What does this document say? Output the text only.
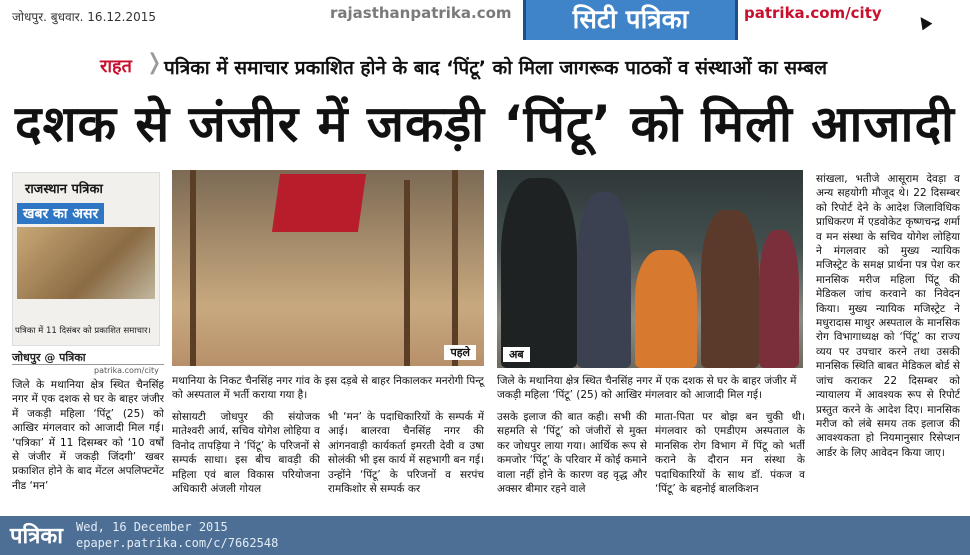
जोधपुर. बुधवार. 16.12.2015	rajasthanpatrika.com	सिटी पत्रिका	patrika.com/city
राहत ❭ पत्रिका में समाचार प्रकाशित होने के बाद ‘पिंटू’ को मिला जागरूक पाठकों व संस्थाओं का सम्बल
दशक से जंजीर में जकड़ी ‘पिंटू’ को मिली आजादी
राजस्थान पत्रिका
खबर का असर
पत्रिका में 11 दिसंबर को प्रकाशित समाचार।
जोधपुर @ पत्रिका
patrika.com/city
पहले	अब
मथानिया के निकट चैनसिंह नगर गांव के इस दड़बे से बाहर निकालकर मनरोगी पिन्टू को अस्पताल में भर्ती कराया गया है।
जिले के मथानिया क्षेत्र स्थित चैनसिंह नगर में एक दशक से घर के बाहर जंजीर में जकड़ी महिला ‘पिंटू’ (25) को आखिर मंगलवार को आजादी मिल गई।
जिले के मथानिया क्षेत्र स्थित चैनसिंह नगर में एक दशक से घर के बाहर जंजीर में जकड़ी महिला ‘पिंटू’ (25) को आखिर मंगलवार को आजादी मिल गई। ‘पत्रिका’ में 11 दिसम्बर को ‘10 वर्षों से जंजीर में जकड़ी जिंदगी’ खबर प्रकाशित होने के बाद मेंटल अपलिफ्टमेंट नीड ‘मन’
सोसायटी जोधपुर की संयोजक मातेश्वरी आर्य, सचिव योगेश लोहिया व विनोद तापड़िया ने ‘पिंटू’ के परिजनों से सम्पर्क साधा। इस बीच बावड़ी की महिला एवं बाल विकास परियोजना अधिकारी अंजली गोयल
भी ‘मन’ के पदाधिकारियों के सम्पर्क में आई। बालरवा चैनसिंह नगर की आंगनवाड़ी कार्यकर्ता इमरती देवी व उषा सोलंकी भी इस कार्य में सहभागी बन गई। उन्होंने ‘पिंटू’ के परिजनों व सरपंच रामकिशोर से सम्पर्क कर
उसके इलाज की बात कही। सभी की सहमति से ‘पिंटू’ को जंजीरों से मुक्त कर जोधपुर लाया गया। आर्थिक रूप से कमजोर ‘पिंटू’ के परिवार में कोई कमाने वाला नहीं होने के कारण वह वृद्ध और अक्सर बीमार रहने वाले
माता-पिता पर बोझ बन चुकी थी। मंगलवार को एमडीएम अस्पताल के मानसिक रोग विभाग में पिंटू को भर्ती कराने के दौरान मन संस्था के पदाधिकारियों के साथ डॉ. पंकज व ‘पिंटू’ के बहनोई बालकिशन
सांखला, भतीजे आसूराम देवड़ा व अन्य सहयोगी मौजूद थे। 22 दिसम्बर को रिपोर्ट देने के आदेश जिलाविधिक प्राधिकरण में एडवोकेट कृष्णचन्द्र शर्मा व मन संस्था के सचिव योगेश लोहिया ने मंगलवार को मुख्य न्यायिक मजिस्ट्रेट के समक्ष प्रार्थना पत्र पेश कर मानसिक मरीज महिला पिंटू की मेडिकल जांच करवाने का निवेदन किया। मुख्य न्यायिक मजिस्ट्रेट ने मधुरादास माथुर अस्पताल के मानसिक रोग विभागाध्यक्ष को ‘पिंटू’ का राज्य व्यय पर उपचार करने तथा उसकी मानसिक स्थिति बाबत मेडिकल बोर्ड से जांच कराकर 22 दिसम्बर को न्यायालय में आवश्यक रूप से रिपोर्ट प्रस्तुत करने के आदेश दिए। मानसिक मरीज को लंबे समय तक इलाज की आवश्यकता हो नियमानुसार रिसेप्शन आर्डर के लिए आवेदन किया जाए।
पत्रिका Wed, 16 December 2015
epaper.patrika.com/c/7662548
